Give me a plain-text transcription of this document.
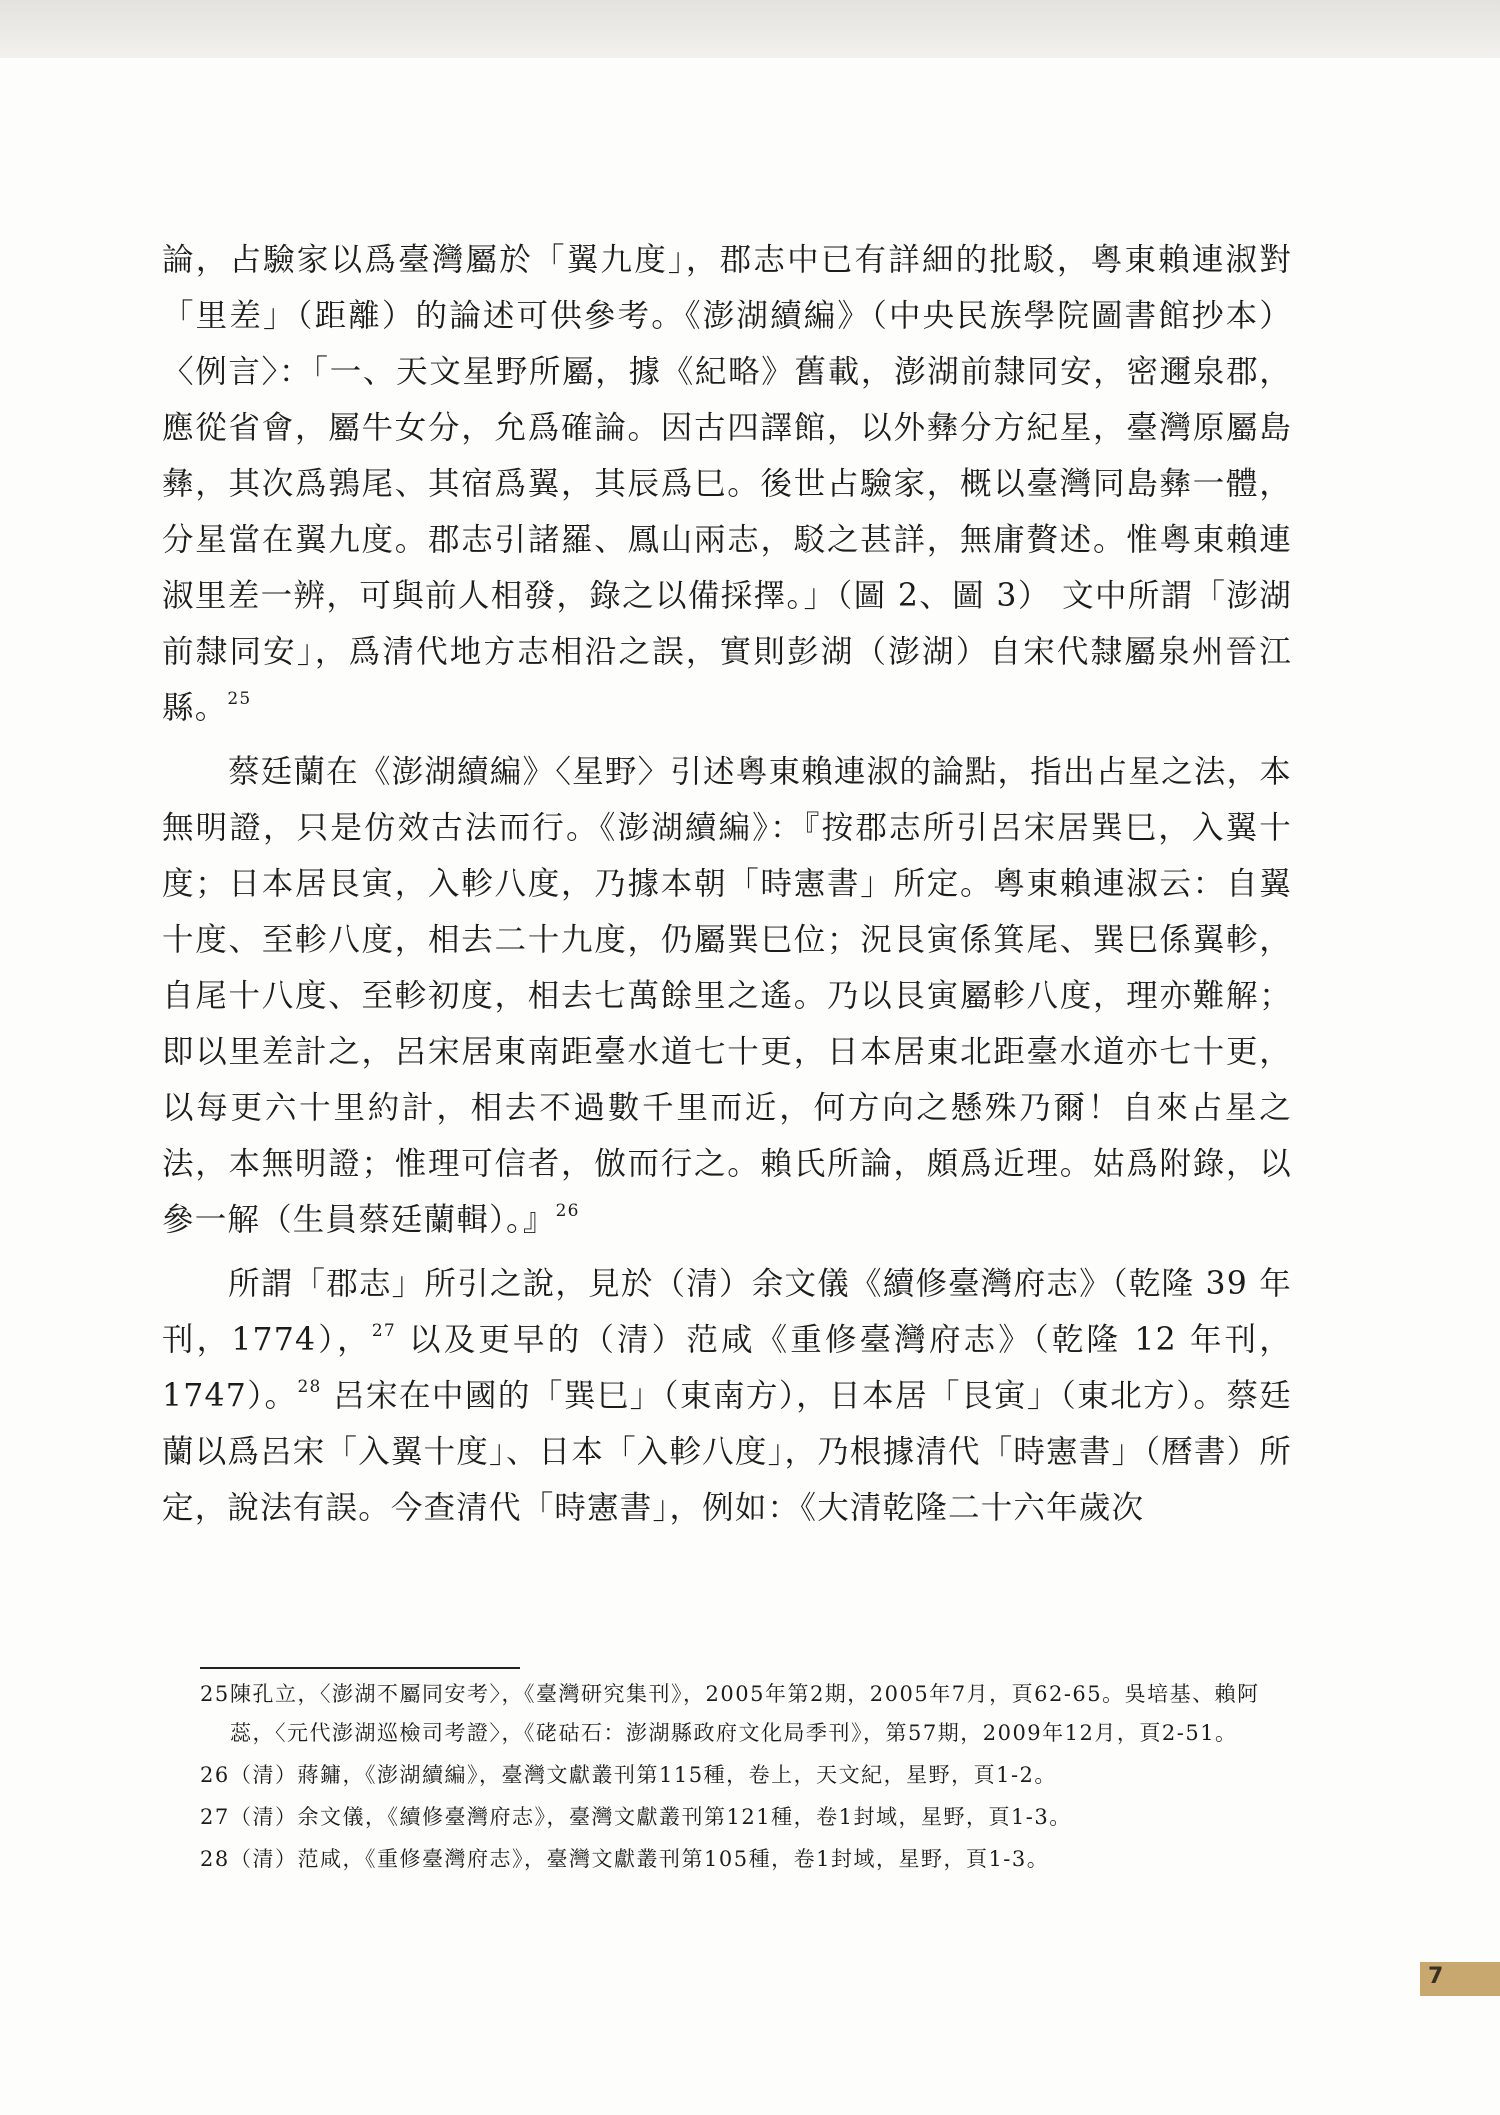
論，占驗家以爲臺灣屬於「翼九度」，郡志中已有詳細的批駁，粵東賴連淑對「里差」（距離）的論述可供參考。《澎湖續編》（中央民族學院圖書館抄本）〈例言〉：「一、天文星野所屬，據《紀略》舊載，澎湖前隸同安，密邇泉郡，應從省會，屬牛女分，允爲確論。因古四譯館，以外彝分方紀星，臺灣原屬島彝，其次爲鶉尾、其宿爲翼，其辰爲巳。後世占驗家，概以臺灣同島彝一體，分星當在翼九度。郡志引諸羅、鳳山兩志，駁之甚詳，無庸贅述。惟粵東賴連淑里差一辨，可與前人相發，錄之以備採擇。」（圖 2、圖 3） 文中所謂「澎湖前隸同安」，爲清代地方志相沿之誤，實則彭湖（澎湖）自宋代隸屬泉州晉江縣。$^{25}$

蔡廷蘭在《澎湖續編》〈星野〉引述粵東賴連淑的論點，指出占星之法，本無明證，只是仿效古法而行。《澎湖續編》：『按郡志所引呂宋居巽巳，入翼十度；日本居艮寅，入軫八度，乃據本朝「時憲書」所定。粵東賴連淑云：自翼十度、至軫八度，相去二十九度，仍屬巽巳位；況艮寅係箕尾、巽巳係翼軫，自尾十八度、至軫初度，相去七萬餘里之遙。乃以艮寅屬軫八度，理亦難解；即以里差計之，呂宋居東南距臺水道七十更，日本居東北距臺水道亦七十更，以每更六十里約計，相去不過數千里而近，何方向之懸殊乃爾！自來占星之法，本無明證；惟理可信者，倣而行之。賴氏所論，頗爲近理。姑爲附錄，以參一解（生員蔡廷蘭輯）。』$^{26}$

所謂「郡志」所引之說，見於（清）余文儀《續修臺灣府志》（乾隆 39 年刊，1774），$^{27}$ 以及更早的（清）范咸《重修臺灣府志》（乾隆 12 年刊，1747）。$^{28}$ 呂宋在中國的「巽巳」（東南方），日本居「艮寅」（東北方）。蔡廷蘭以爲呂宋「入翼十度」、日本「入軫八度」，乃根據清代「時憲書」（曆書）所定，說法有誤。今查清代「時憲書」，例如：《大清乾隆二十六年歲次

25 陳孔立，〈澎湖不屬同安考〉，《臺灣研究集刊》，2005年第2期，2005年7月，頁62-65。吳培基、賴阿蕊，〈元代澎湖巡檢司考證〉，《硓𥑮石：澎湖縣政府文化局季刊》，第57期，2009年12月，頁2-51。

26 （清）蔣鏞，《澎湖續編》，臺灣文獻叢刊第115種，卷上，天文紀，星野，頁1-2。

27 （清）余文儀，《續修臺灣府志》，臺灣文獻叢刊第121種，卷1封域，星野，頁1-3。

28 （清）范咸，《重修臺灣府志》，臺灣文獻叢刊第105種，卷1封域，星野，頁1-3。

7
